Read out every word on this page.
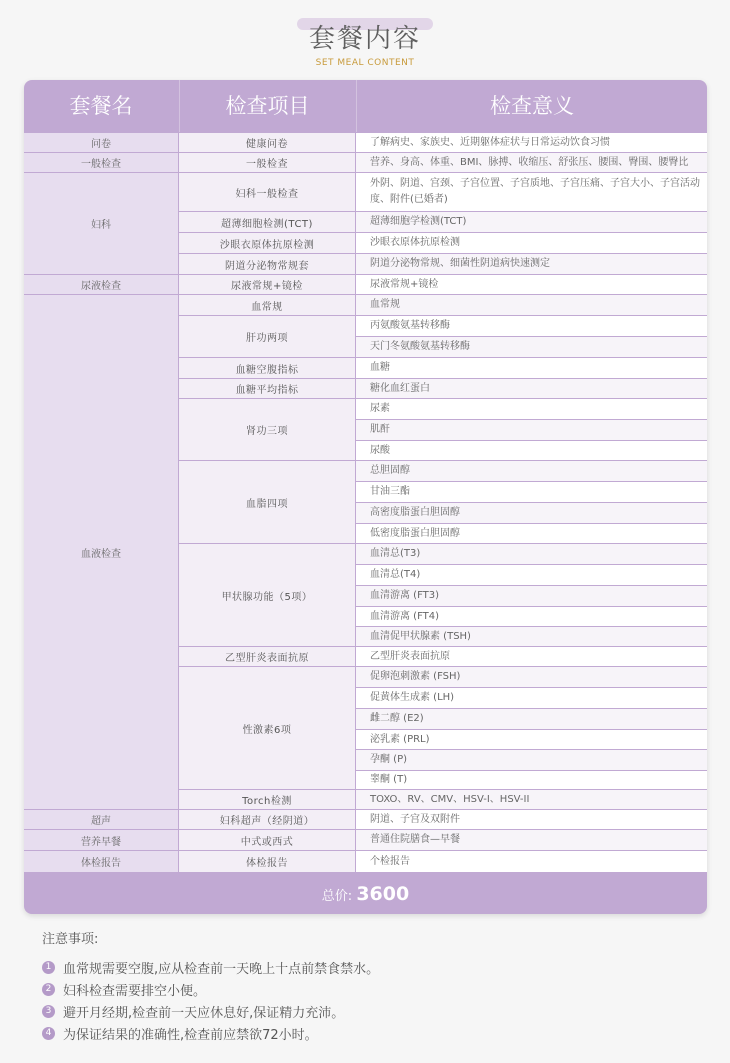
套餐内容
SET MEAL CONTENT
套餐名	检查项目	检查意义
问卷
一般检查
妇科
尿液检查
血液检查
超声
营养早餐
体检报告
健康问卷
一般检查
妇科一般检查
超薄细胞检测(TCT)
沙眼衣原体抗原检测
阴道分泌物常规套
尿液常规+镜检
血常规
肝功两项
血糖空腹指标
血糖平均指标
肾功三项
血脂四项
甲状腺功能（5项）
乙型肝炎表面抗原
性激素6项
Torch检测
妇科超声（经阴道）
中式或西式
体检报告
了解病史、家族史、近期躯体症状与日常运动饮食习惯
营养、身高、体重、BMI、脉搏、收缩压、舒张压、腰围、臀围、腰臀比
外阴、阴道、宫颈、子宫位置、子宫质地、子宫压痛、子宫大小、子宫活动度、附件(已婚者)
超薄细胞学检测(TCT)
沙眼衣原体抗原检测
阴道分泌物常规、细菌性阴道病快速测定
尿液常规+镜检
血常规
丙氨酸氨基转移酶
天门冬氨酸氨基转移酶
血糖
糖化血红蛋白
尿素
肌酐
尿酸
总胆固醇
甘油三酯
高密度脂蛋白胆固醇
低密度脂蛋白胆固醇
血清总(T3)
血清总(T4)
血清游离 (FT3)
血清游离 (FT4)
血清促甲状腺素 (TSH)
乙型肝炎表面抗原
促卵泡刺激素 (FSH)
促黄体生成素 (LH)
雌二醇 (E2)
泌乳素 (PRL)
孕酮 (P)
睾酮 (T)
TOXO、RV、CMV、HSV-I、HSV-II
阴道、子宫及双附件
普通住院膳食—早餐
个检报告
总价: 3600
注意事项:
1 血常规需要空腹,应从检查前一天晚上十点前禁食禁水。
2 妇科检查需要排空小便。
3 避开月经期,检查前一天应休息好,保证精力充沛。
4 为保证结果的准确性,检查前应禁欲72小时。
